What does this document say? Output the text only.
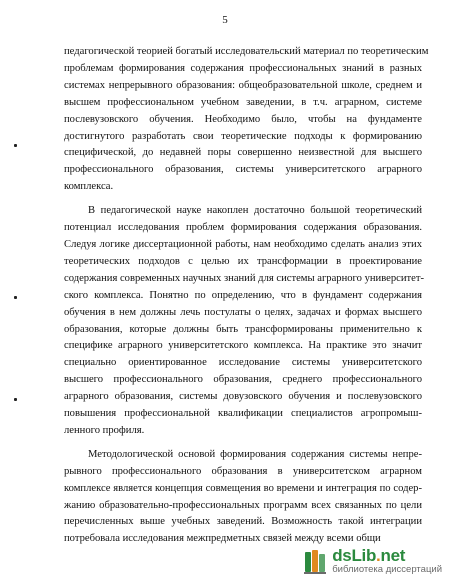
5

педагогической теорией богатый исследовательский материал по теоретическим
проблемам формирования содержания профессиональных знаний в разных
системах непрерывного образования: общеобразовательной школе, среднем и
высшем профессиональном учебном заведении, в т.ч. аграрном, системе
послевузовского обучения. Необходимо было, чтобы на фундаменте
достигнутого разработать свои теоретические подходы к формированию
специфической, до недавней поры совершенно неизвестной для высшего
профессионального образования, системы университетского аграрного
комплекса.

В педагогической науке накоплен достаточно большой теоретический
потенциал исследования проблем формирования содержания образования.
Следуя логике диссертационной работы, нам необходимо сделать анализ этих
теоретических подходов с целью их трансформации в проектирование
содержания современных научных знаний для системы аграрного университет-
ского комплекса. Понятно по определению, что в фундамент содержания
обучения в нем должны лечь постулаты о целях, задачах и формах высшего
образования, которые должны быть трансформированы применительно к
специфике аграрного университетского комплекса. На практике это значит
специально ориентированное исследование системы университетского
высшего профессионального образования, среднего профессионального
аграрного образования, системы довузовского обучения и послевузовского
повышения профессиональной квалификации специалистов агропромыш-
ленного профиля.

Методологической основой формирования содержания системы непре-
рывного профессионального образования в университетском аграрном
комплексе является концепция совмещения во времени и интеграция по содер-
жанию образовательно-профессиональных программ всех связанных по цели
перечисленных выше учебных заведений. Возможность такой интеграции
потребовала исследования межпредметных связей между всеми общи

dsLib.net
библиотека диссертаций
